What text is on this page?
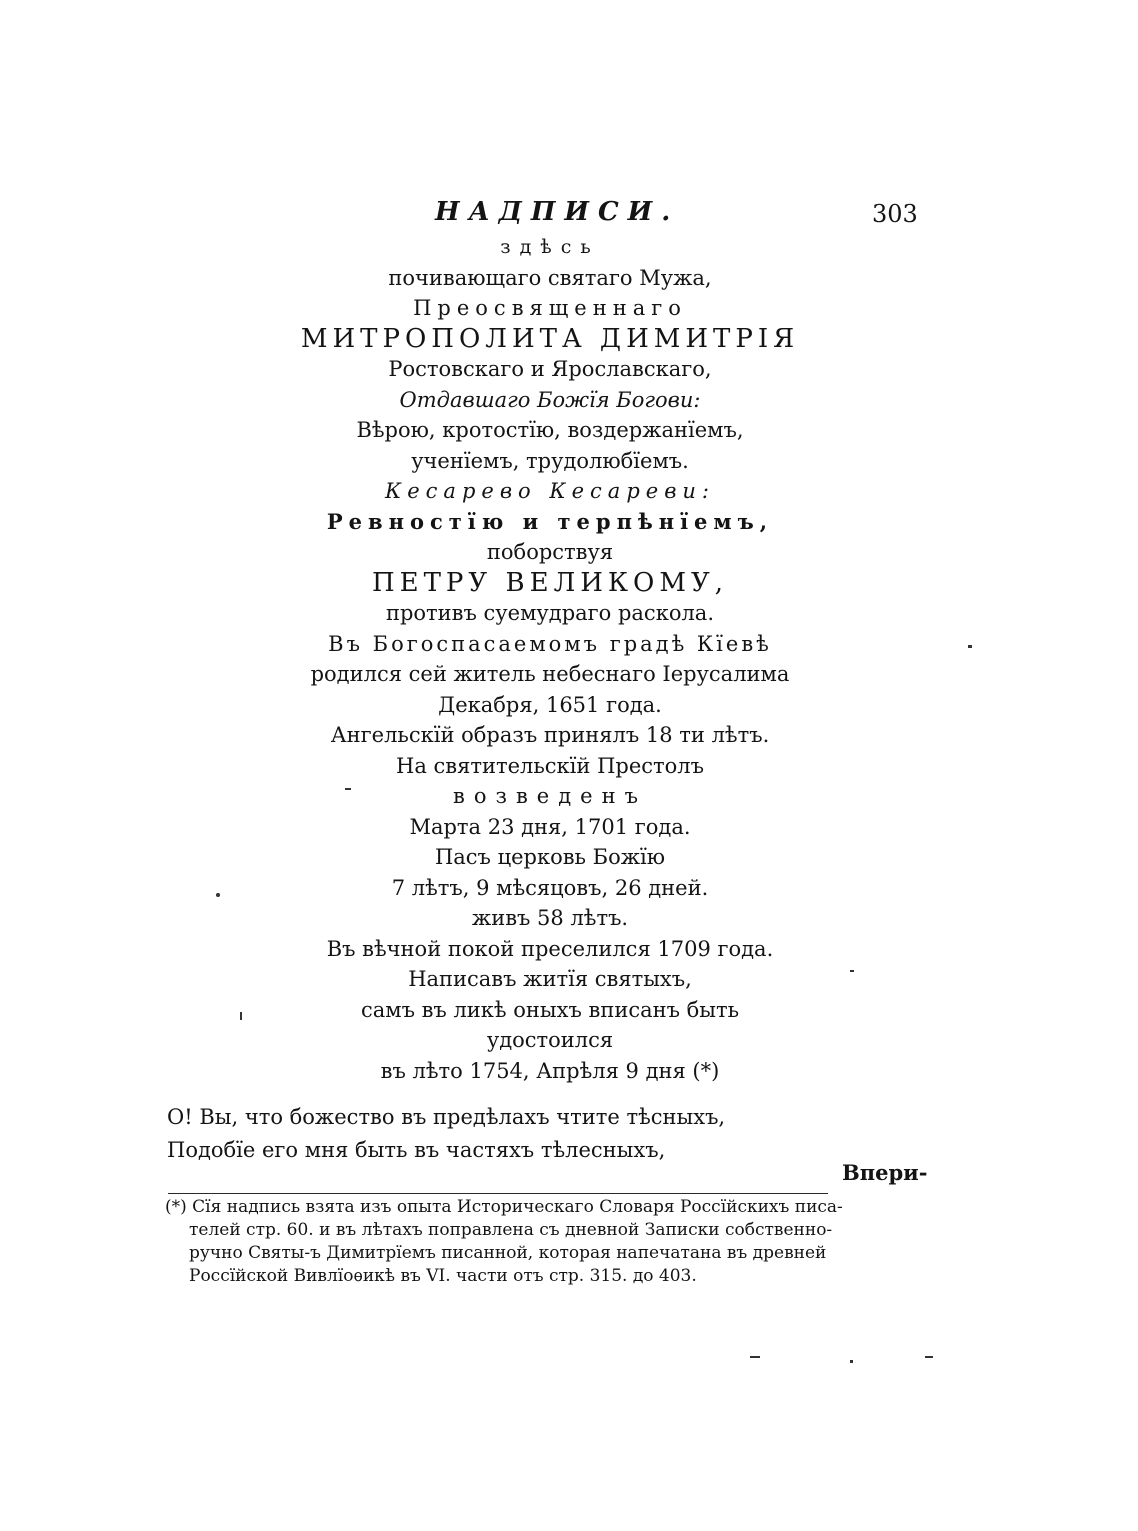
НАДПИСИ.	303
здѣсь
почивающаго святаго Мужа,
Преосвященнаго
МИТРОПОЛИТА ДИМИТРІЯ
Ростовскаго и Ярославскаго,
Отдавшаго Божїя Богови:
Вѣрою, кротостїю, воздержанїемъ,
ученїемъ, трудолюбїемъ.
Кесарево Кесареви:
Ревностїю и терпѣнїемъ,
поборствуя
ПЕТРУ ВЕЛИКОМУ,
противъ суемудраго раскола.
Въ Богоспасаемомъ градѣ Кїевѣ
родился сей житель небеснаго Іерусалима
Декабря, 1651 года.
Ангельскїй образъ принялъ 18 ти лѣтъ.
На святительскїй Престолъ
возведенъ
Марта 23 дня, 1701 года.
Пасъ церковь Божїю
7 лѣтъ, 9 мѣсяцовъ, 26 дней.
живъ 58 лѣтъ.
Въ вѣчной покой преселился 1709 года.
Написавъ житїя святыхъ,
самъ въ ликѣ оныхъ вписанъ быть
удостоился
въ лѣто 1754, Апрѣля 9 дня (*)
О! Вы, что божество въ предѣлахъ чтите тѣсныхъ,
Подобїе его мня быть въ частяхъ тѣлесныхъ,
Впери-
(*) Сїя надпись взята изъ опыта Историческаго Словаря Россїйскихъ писа-
телей стр. 60. и въ лѣтахъ поправлена съ дневной Записки собственно-
ручно Святы-ъ Димитрїемъ писанной, которая напечатана въ древней
Россїйской Вивлїоѳикѣ въ VI. части отъ стр. 315. до 403.
